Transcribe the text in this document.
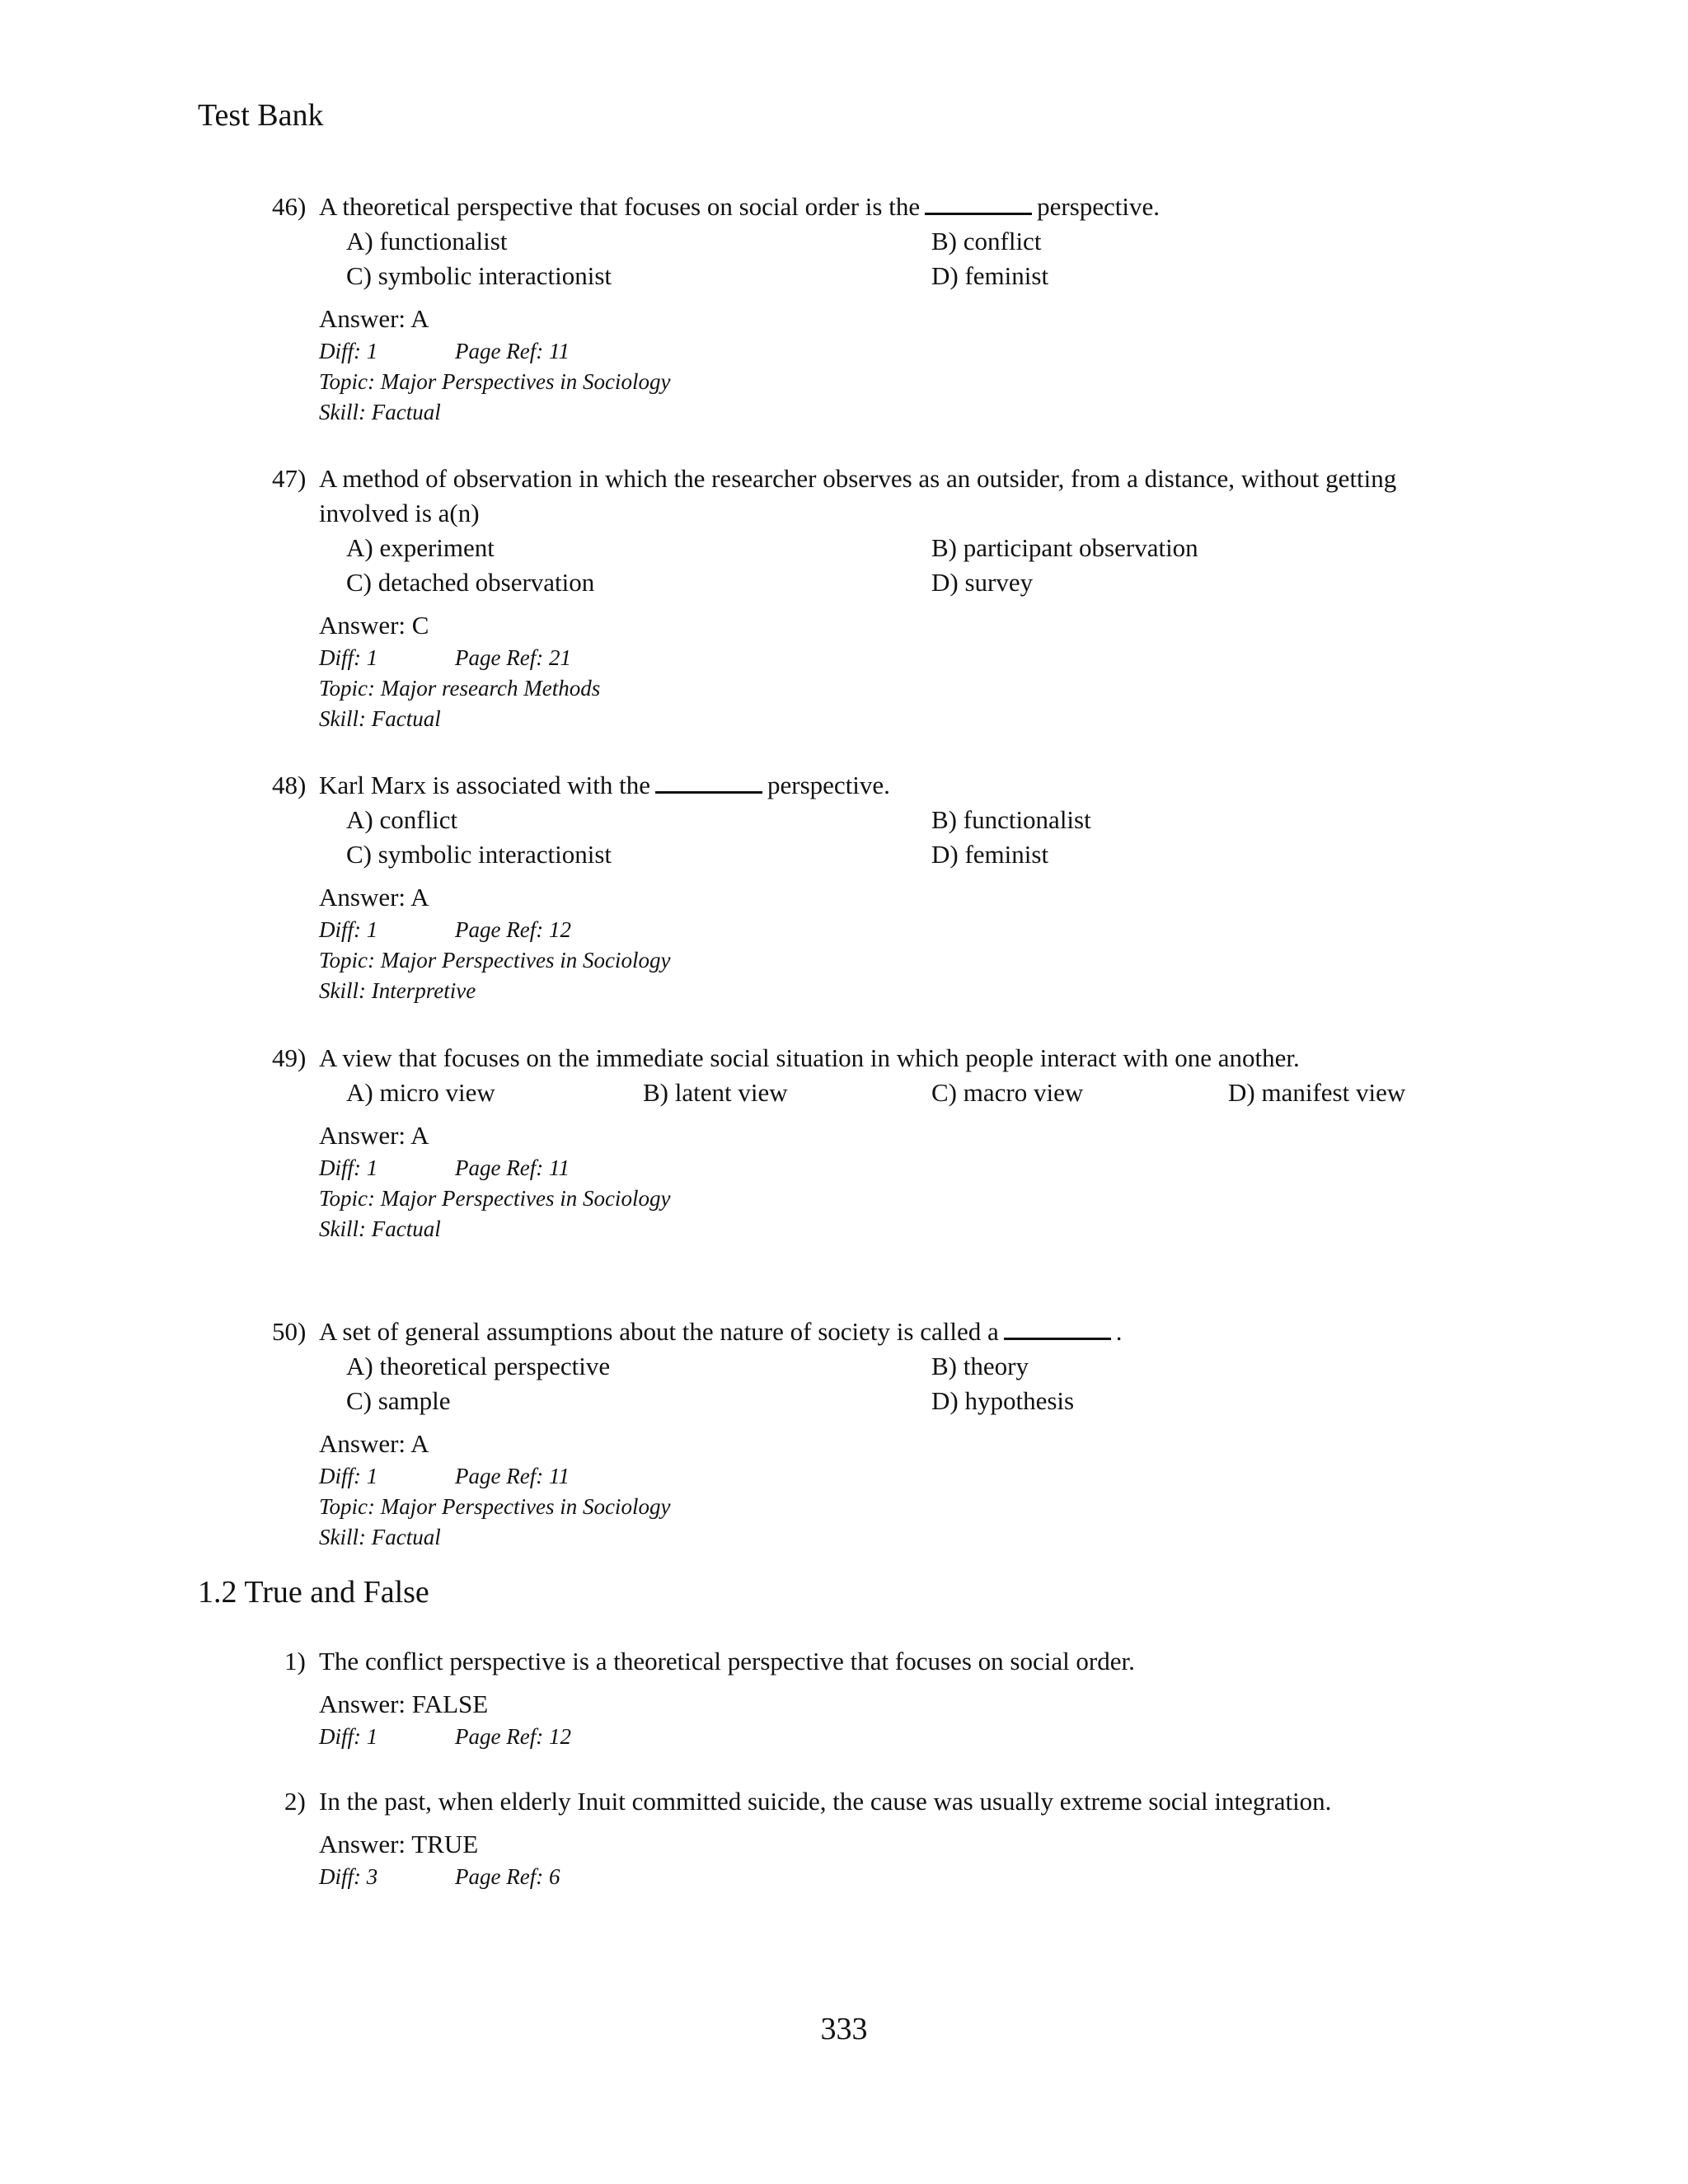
Test Bank
46) A theoretical perspective that focuses on social order is the	perspective.
A) functionalist	B) conflict
C) symbolic interactionist	D) feminist
Answer: A
Diff: 1	Page Ref: 11
Topic: Major Perspectives in Sociology
Skill: Factual
47) A method of observation in which the researcher observes as an outsider, from a distance, without getting involved is a(n)
A) experiment	B) participant observation
C) detached observation	D) survey
Answer: C
Diff: 1	Page Ref: 21
Topic: Major research Methods
Skill: Factual
48) Karl Marx is associated with the	perspective.
A) conflict	B) functionalist
C) symbolic interactionist	D) feminist
Answer: A
Diff: 1	Page Ref: 12
Topic: Major Perspectives in Sociology
Skill: Interpretive
49) A view that focuses on the immediate social situation in which people interact with one another.
A) micro view	B) latent view	C) macro view	D) manifest view
Answer: A
Diff: 1	Page Ref: 11
Topic: Major Perspectives in Sociology
Skill: Factual
50) A set of general assumptions about the nature of society is called a	.
A) theoretical perspective	B) theory
C) sample	D) hypothesis
Answer: A
Diff: 1	Page Ref: 11
Topic: Major Perspectives in Sociology
Skill: Factual
1.2 True and False
1) The conflict perspective is a theoretical perspective that focuses on social order.
Answer: FALSE
Diff: 1	Page Ref: 12
2) In the past, when elderly Inuit committed suicide, the cause was usually extreme social integration.
Answer: TRUE
Diff: 3	Page Ref: 6
333
